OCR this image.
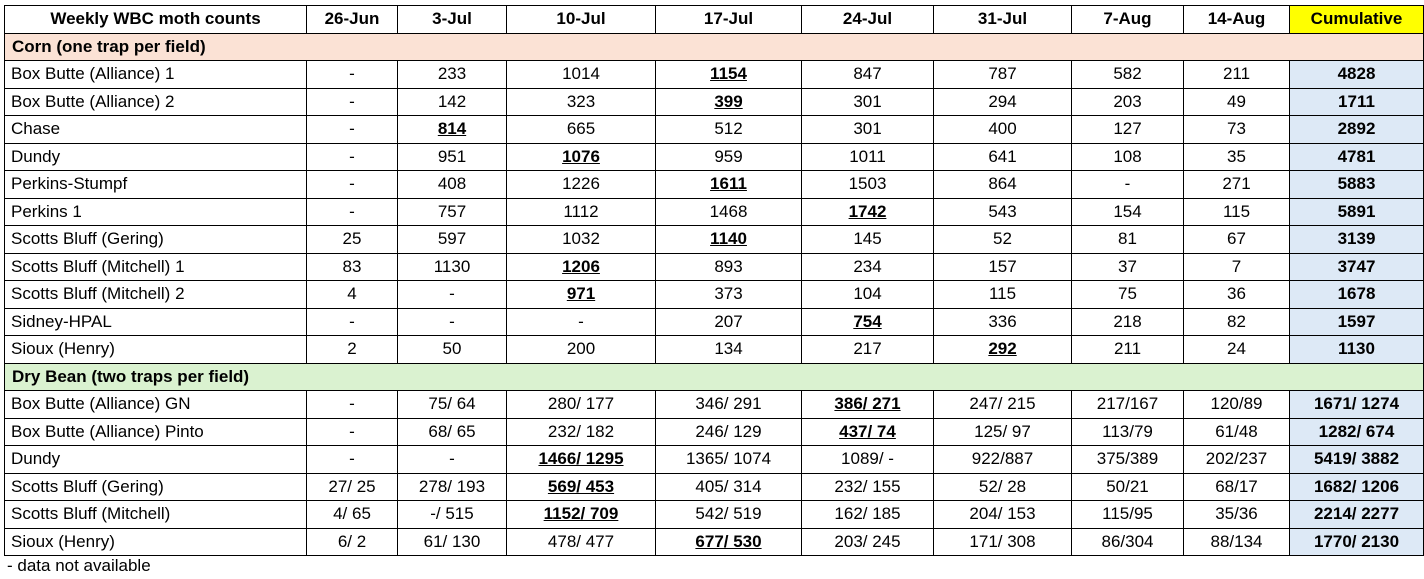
Weekly WBC moth counts	26-Jun	3-Jul	10-Jul	17-Jul	24-Jul	31-Jul	7-Aug	14-Aug	Cumulative
Corn (one trap per field)									
Box Butte (Alliance) 1	-	233	1014	1154	847	787	582	211	4828
Box Butte (Alliance) 2	-	142	323	399	301	294	203	49	1711
Chase	-	814	665	512	301	400	127	73	2892
Dundy	-	951	1076	959	1011	641	108	35	4781
Perkins-Stumpf	-	408	1226	1611	1503	864	-	271	5883
Perkins 1	-	757	1112	1468	1742	543	154	115	5891
Scotts Bluff (Gering)	25	597	1032	1140	145	52	81	67	3139
Scotts Bluff (Mitchell) 1	83	1130	1206	893	234	157	37	7	3747
Scotts Bluff (Mitchell) 2	4	-	971	373	104	115	75	36	1678
Sidney-HPAL	-	-	-	207	754	336	218	82	1597
Sioux (Henry)	2	50	200	134	217	292	211	24	1130
Dry Bean (two traps per field)									
Box Butte (Alliance) GN	-	75/ 64	280/ 177	346/ 291	386/ 271	247/ 215	217/167	120/89	1671/ 1274
Box Butte (Alliance) Pinto	-	68/ 65	232/ 182	246/ 129	437/ 74	125/ 97	113/79	61/48	1282/ 674
Dundy	-	-	1466/ 1295	1365/ 1074	1089/ -	922/887	375/389	202/237	5419/ 3882
Scotts Bluff (Gering)	27/ 25	278/ 193	569/ 453	405/ 314	232/ 155	52/ 28	50/21	68/17	1682/ 1206
Scotts Bluff (Mitchell)	4/ 65	-/ 515	1152/ 709	542/ 519	162/ 185	204/ 153	115/95	35/36	2214/ 2277
Sioux (Henry)	6/ 2	61/ 130	478/ 477	677/ 530	203/ 245	171/ 308	86/304	88/134	1770/ 2130
- data not available
